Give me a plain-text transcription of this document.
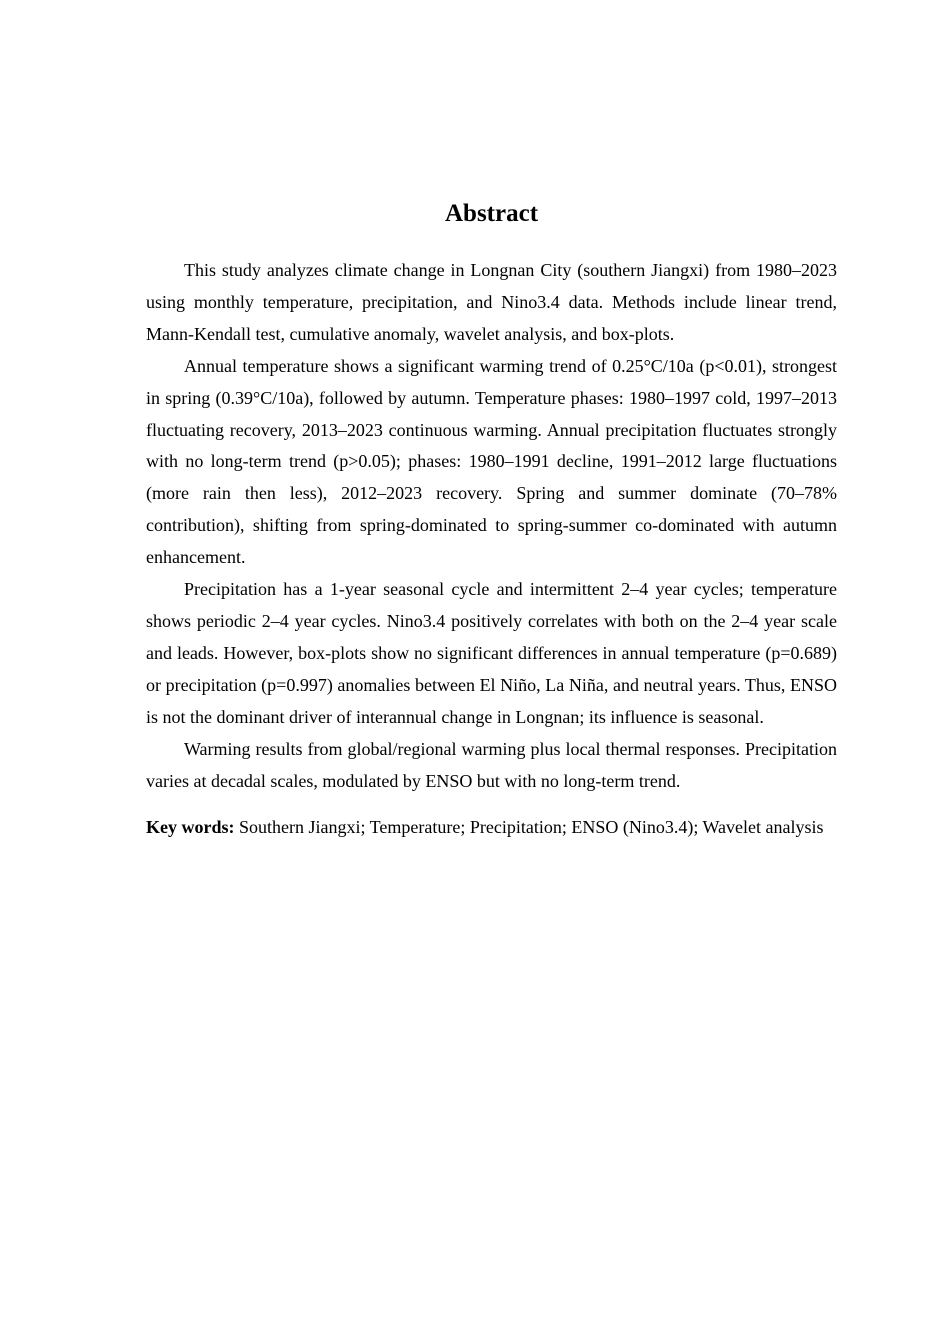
Abstract

This study analyzes climate change in Longnan City (southern Jiangxi) from 1980–2023 using monthly temperature, precipitation, and Nino3.4 data. Methods include linear trend, Mann-Kendall test, cumulative anomaly, wavelet analysis, and box-plots.

Annual temperature shows a significant warming trend of 0.25°C/10a (p<0.01), strongest in spring (0.39°C/10a), followed by autumn. Temperature phases: 1980–1997 cold, 1997–2013 fluctuating recovery, 2013–2023 continuous warming. Annual precipitation fluctuates strongly with no long-term trend (p>0.05); phases: 1980–1991 decline, 1991–2012 large fluctuations (more rain then less), 2012–2023 recovery. Spring and summer dominate (70–78% contribution), shifting from spring-dominated to spring-summer co-dominated with autumn enhancement.

Precipitation has a 1-year seasonal cycle and intermittent 2–4 year cycles; temperature shows periodic 2–4 year cycles. Nino3.4 positively correlates with both on the 2–4 year scale and leads. However, box-plots show no significant differences in annual temperature (p=0.689) or precipitation (p=0.997) anomalies between El Niño, La Niña, and neutral years. Thus, ENSO is not the dominant driver of interannual change in Longnan; its influence is seasonal.

Warming results from global/regional warming plus local thermal responses. Precipitation varies at decadal scales, modulated by ENSO but with no long-term trend.

Key words: Southern Jiangxi; Temperature; Precipitation; ENSO (Nino3.4); Wavelet analysis
